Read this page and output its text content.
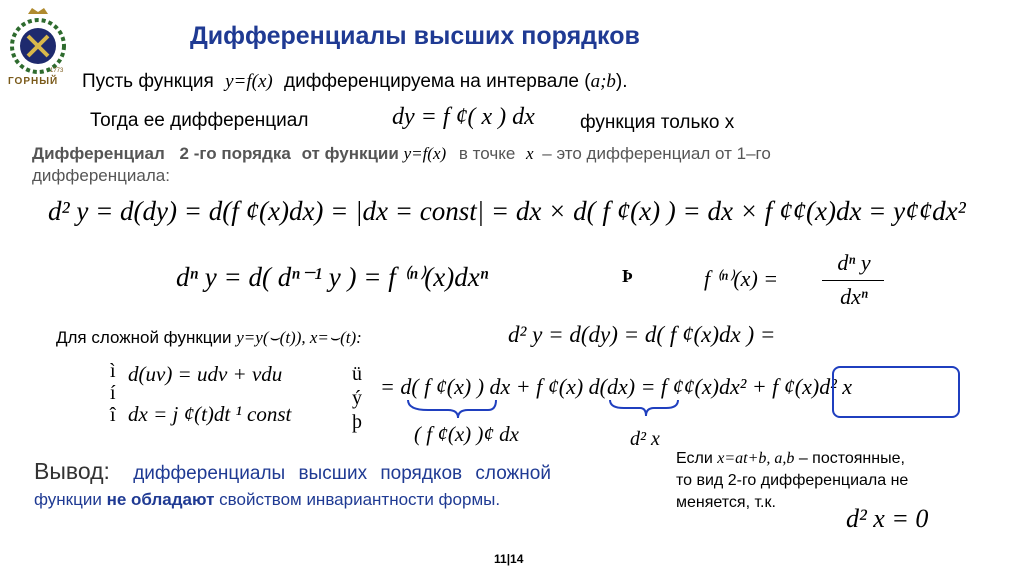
ГОРНЫЙ
1773
Дифференциалы высших порядков
Пусть функция y=f(x) дифференцируема на интервале (a;b).
Тогда ее дифференциал	dy = f ¢( x ) dx функция только x
Дифференциал 2 -го порядка от функции y=f(x) в точке x – это дифференциал от 1–го
дифференциала:
d² y = d(dy) = d(f ¢(x)dx) = |dx = const| = dx × d( f ¢(x) ) = dx × f ¢¢(x)dx = y¢¢dx²
dⁿ y = d( dⁿ⁻¹ y ) = f ⁽ⁿ⁾(x)dxⁿ	Þ	f ⁽ⁿ⁾(x) =
dⁿ y
dxⁿ
Для сложной функции y=y(⌣(t)), x=⌣(t):	d² y = d(dy) = d( f ¢(x)dx ) =
ì
í
î
d(uv) = udv + vdu
dx = j ¢(t)dt ¹ const
ü
ý
þ
= d( f ¢(x) ) dx + f ¢(x) d(dx) = f ¢¢(x)dx² + f ¢(x)d² x
( f ¢(x) )¢ dx	d² x
Вывод: дифференциалы высших порядков сложной
функции не обладают свойством инвариантности формы.
Если x=at+b, a,b – постоянные,
то вид 2-го дифференциала не
меняется, т.к.
d² x = 0
11|14
